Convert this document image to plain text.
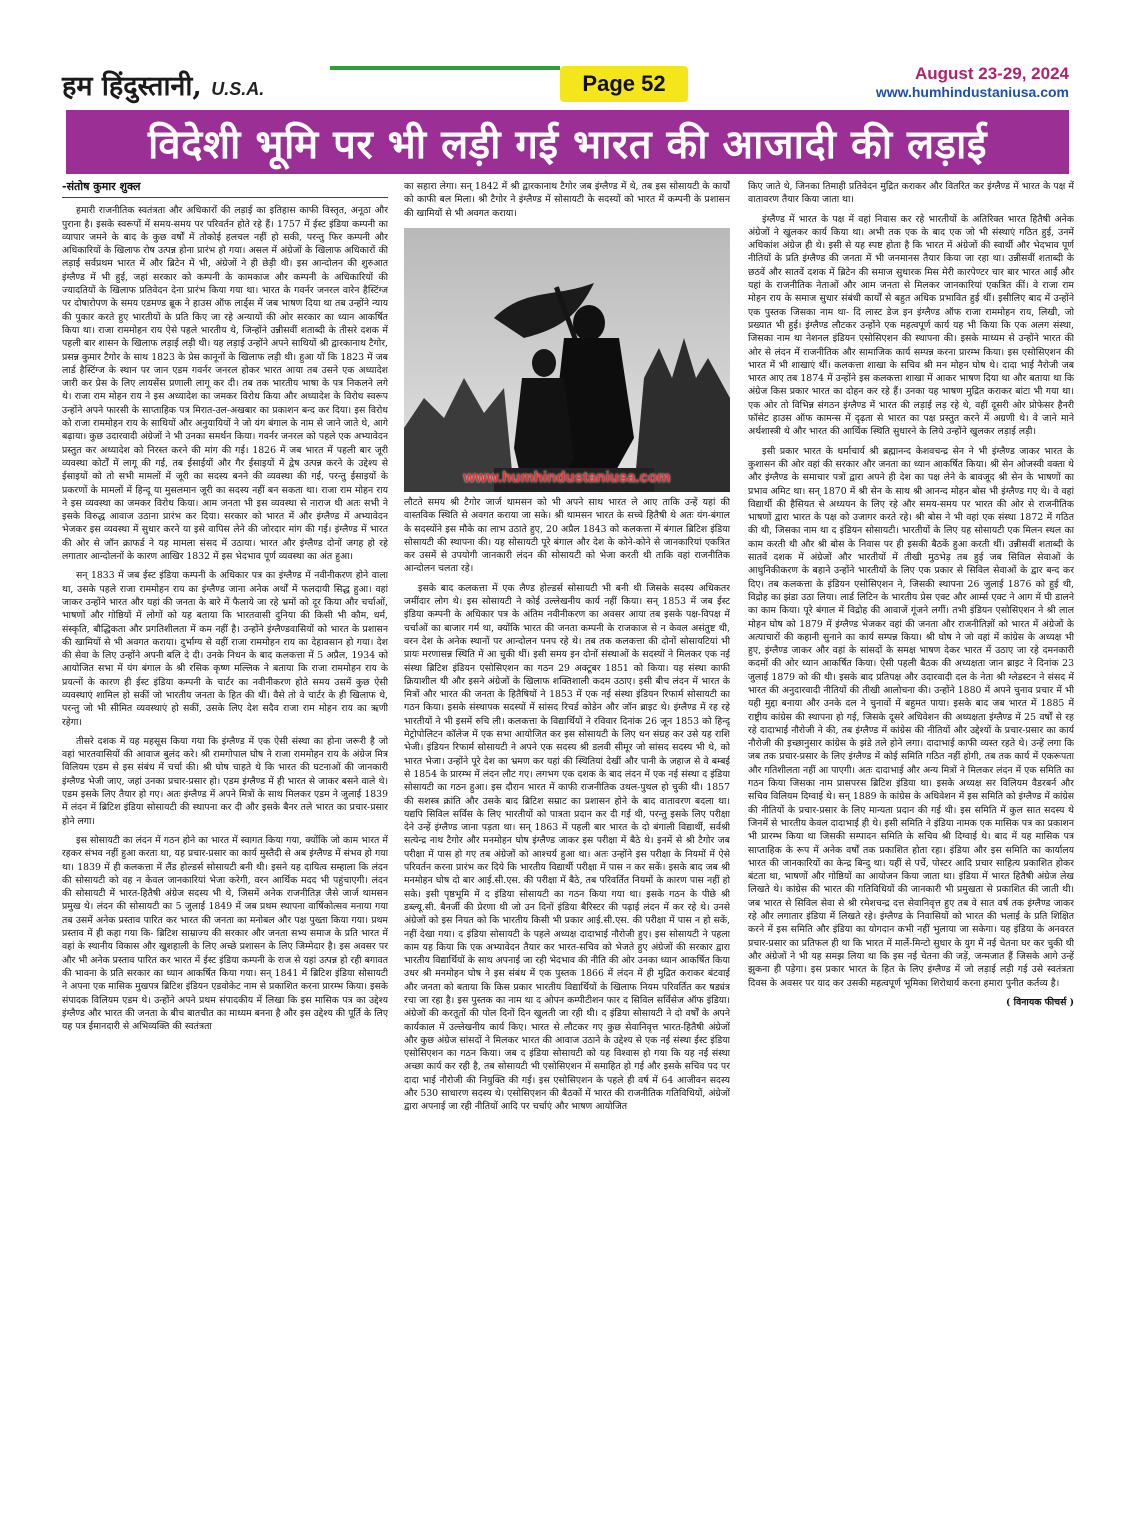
हम हिंदुस्तानी, U.S.A.	Page 52	August 23-29, 2024
www.humhindustaniusa.com
विदेशी भूमि पर भी लड़ी गई भारत की आजादी की लड़ाई

-संतोष कुमार शुक्ल

हमारी राजनीतिक स्वतंत्रता और अधिकारों की लड़ाई का इतिहास काफी विस्तृत, अनूठा और पुराना है। इसके स्वरूपों में समय-समय पर परिवर्तन होते रहे हैं। 1757 में ईस्ट इंडिया कम्पनी का व्यापार जमने के बाद के कुछ वर्षों में तोकोई हलचल नहीं हो सकी, परन्तु फिर कम्पनी और अधिकारियों के खिलाफ रोष उत्पन्न होना प्रारंभ हो गया। असल में अंग्रेजों के खिलाफ अधिकारों की लड़ाई सर्वप्रथम भारत में और ब्रिटेन में भी, अंग्रेजों ने ही छेड़ी थी। इस आन्दोलन की शुरुआत इंग्लैण्ड में भी हुई, जहां सरकार को कम्पनी के कामकाज और कम्पनी के अधिकारियों की ज्यादतियों के खिलाफ प्रतिवेदन देना प्रारंभ किया गया था। भारत के गवर्नर जनरल वारेन हैस्टिंग्ज पर दोषारोपण के समय एडमण्ड ब्रूक ने हाउस ऑफ लार्ड्स में जब भाषण दिया था तब उन्होंने न्याय की पुकार करते हुए भारतीयों के प्रति किए जा रहे अन्यायों की ओर सरकार का ध्यान आकर्षित किया था। राजा राममोहन राय ऐसे पहले भारतीय थे, जिन्होंने उन्नीसवीं शताब्दी के तीसरे दशक में पहली बार शासन के खिलाफ लड़ाई लड़ी थी। यह लड़ाई उन्होंने अपने साथियों श्री द्वारकानाथ टैगोर, प्रसन्न कुमार टैगोर के साथ 1823 के प्रेस कानूनों के खिलाफ लड़ी थी। हुआ यों कि 1823 में जब लार्ड हैस्टिंग्ज के स्थान पर जान एडम गवर्नर जनरल होकर भारत आया तब उसने एक अध्यादेश जारी कर प्रेस के लिए लायसेंस प्रणाली लागू कर दी। तब तक भारतीय भाषा के पत्र निकलने लगे थे। राजा राम मोहन राय ने इस अध्यादेश का जमकर विरोध किया और अध्यादेश के विरोध स्वरूप उन्होंने अपने फारसी के साप्ताहिक पत्र मिरात-उल-अखबार का प्रकाशन बन्द कर दिया। इस विरोध को राजा राममोहन राय के साथियों और अनुयायियों ने जो यंग बंगाल के नाम से जाने जाते थे, आगे बढ़ाया। कुछ उदारवादी अंग्रेजों ने भी उनका समर्थन किया। गवर्नर जनरल को पहले एक अभ्यावेदन प्रस्तुत कर अध्यादेश को निरस्त करने की मांग की गई। 1826 में जब भारत में पहली बार जूरी व्यवस्था कोर्टों में लागू की गई, तब ईसाईयों और गैर ईसाइयों में द्वेष उत्पन्न करने के उद्देश्य से ईसाइयों को तो सभी मामलों में जूरी का सदस्य बनने की व्यवस्था की गई, परन्तु ईसाइयों के प्रकरणों के मामलों में हिन्दू या मुसलमान जूरी का सदस्य नहीं बन सकता था। राजा राम मोहन राय ने इस व्यवस्था का जमकर विरोध किया। आम जनता भी इस व्यवस्था से नाराज थी अतः सभी ने इसके विरुद्ध आवाज उठाना प्रारंभ कर दिया। सरकार को भारत में और इंग्लैण्ड में अभ्यावेदन भेजकर इस व्यवस्था में सुधार करने या इसे वापिस लेने की जोरदार मांग की गई। इंग्लैण्ड में भारत की ओर से जॉन क्राफर्ड ने यह मामला संसद में उठाया। भारत और इंग्लैण्ड दोनों जगह हो रहे लगातार आन्दोलनों के कारण आखिर 1832 में इस भेदभाव पूर्ण व्यवस्था का अंत हुआ।

सन् 1833 में जब ईस्ट इंडिया कम्पनी के अधिकार पत्र का इंग्लैण्ड में नवीनीकरण होने वाला था, उसके पहले राजा राममोहन राय का इंग्लैण्ड जाना अनेक अर्थों में फलदायी सिद्ध हुआ। वहां जाकर उन्होंने भारत और यहां की जनता के बारे में फैलाये जा रहे भ्रमों को दूर किया और चर्चाओं, भाषणों और गोष्ठियों में लोगों को यह बताया कि भारतवासी दुनिया की किसी भी कौम, धर्म, संस्कृति, बौद्धिकता और प्रगतिशीलता में कम नहीं है। उन्होंने इंग्लैण्डवासियों को भारत के प्रशासन की खामियों से भी अवगत कराया। दुर्भाग्य से वहीं राजा राममोहन राय का देहावसान हो गया। देश की सेवा के लिए उन्होंने अपनी बलि दे दी। उनके निधन के बाद कलकत्ता में 5 अप्रैल, 1934 को आयोजित सभा में यंग बंगाल के श्री रसिक कृष्ण मल्लिक ने बताया कि राजा राममोहन राय के प्रयत्नों के कारण ही ईस्ट इंडिया कम्पनी के चार्टर का नवीनीकरण होते समय उसमें कुछ ऐसी व्यवस्थाएं शामिल हो सकीं जो भारतीय जनता के हित की थीं। वैसे तो वे चार्टर के ही खिलाफ थे, परन्तु जो भी सीमित व्यवस्थाएं हो सकीं, उसके लिए देश सदैव राजा राम मोहन राय का ऋणी रहेगा।

तीसरे दशक में यह महसूस किया गया कि इंग्लैण्ड में एक ऐसी संस्था का होना जरूरी है जो वहां भारतवासियों की आवाज बुलंद करे। श्री रामगोपाल घोष ने राजा राममोहन राय के अंग्रेज मित्र विलियम एडम से इस संबंध में चर्चा की। श्री घोष चाहते थे कि भारत की घटनाओं की जानकारी इंग्लैण्ड भेजी जाए, जहां उनका प्रचार-प्रसार हो। एडम इंग्लैण्ड में ही भारत से जाकर बसने वाले थे। एडम इसके लिए तैयार हो गए। अतः इंग्लैण्ड में अपने मित्रों के साथ मिलकर एडम ने जुलाई 1839 में लंदन में ब्रिटिश इंडिया सोसायटी की स्थापना कर दी और इसके बैनर तले भारत का प्रचार-प्रसार होने लगा।

इस सोसायटी का लंदन में गठन होने का भारत में स्वागत किया गया, क्योंकि जो काम भारत में रहकर संभव नहीं हुआ करता था, यह प्रचार-प्रसार का कार्य मुस्तैदी से अब इंग्लैण्ड में संभव हो गया था। 1839 में ही कलकत्ता में लैंड होल्डर्स सोसायटी बनी थी। इसने यह दायित्व सम्हाला कि लंदन की सोसायटी को वह न केवल जानकारियां भेजा करेगी, वरन आर्थिक मदद भी पहुंचाएगी। लंदन की सोसायटी में भारत-हितैषी अंग्रेज सदस्य भी थे, जिसमें अनेक राजनीतिज्ञ जैसे जार्ज थामसन प्रमुख थे। लंदन की सोसायटी का 5 जुलाई 1849 में जब प्रथम स्थापना वार्षिकोत्सव मनाया गया तब उसमें अनेक प्रस्ताव पारित कर भारत की जनता का मनोबल और पक्ष पुख्ता किया गया। प्रथम प्रस्ताव में ही कहा गया कि- ब्रिटिश साम्राज्य की सरकार और जनता सभ्य समाज के प्रति भारत में वहां के स्थानीय विकास और खुशहाली के लिए अच्छे प्रशासन के लिए जिम्मेदार है। इस अवसर पर और भी अनेक प्रस्ताव पारित कर भारत में ईस्ट इंडिया कम्पनी के राज से यहां उत्पन्न हो रही बगावत की भावना के प्रति सरकार का ध्यान आकर्षित किया गया। सन् 1841 में ब्रिटिश इंडिया सोसायटी ने अपना एक मासिक मुखपत्र ब्रिटिश इंडियन एडवोकेट नाम से प्रकाशित करना प्रारम्भ किया। इसके संपादक विलियम एडम थे। उन्होंने अपने प्रथम संपादकीय में लिखा कि इस मासिक पत्र का उद्देश्य इंग्लैण्ड और भारत की जनता के बीच बातचीत का माध्यम बनना है और इस उद्देश्य की पूर्ति के लिए यह पत्र ईमानदारी से अभिव्यक्ति की स्वतंत्रता

का सहारा लेगा। सन् 1842 में श्री द्वारकानाथ टैगोर जब इंग्लैण्ड में थे, तब इस सोसायटी के कार्यों को काफी बल मिला। श्री टैगोर ने इंग्लैण्ड में सोसायटी के सदस्यों को भारत में कम्पनी के प्रशासन की खामियों से भी अवगत कराया।

लौटते समय श्री टैगोर जार्ज थामसन को भी अपने साथ भारत ले आए ताकि उन्हें यहां की वास्तविक स्थिति से अवगत कराया जा सके। श्री थामसन भारत के सच्चे हितैषी थे अतः यंग-बंगाल के सदस्योंने इस मौके का लाभ उठाते हुए, 20 अप्रैल 1843 को कलकत्ता में बंगाल ब्रिटिश इंडिया सोसायटी की स्थापना की। यह सोसायटी पूरे बंगाल और देश के कोने-कोने से जानकारियां एकत्रित कर उसमें से उपयोगी जानकारी लंदन की सोसायटी को भेजा करती थी ताकि वहां राजनीतिक आन्दोलन चलता रहे।

इसके बाद कलकत्ता में एक लैण्ड होल्डर्स सोसायटी भी बनी थी जिसके सदस्य अधिकतर जमींदार लोग थे। इस सोसायटी ने कोई उल्लेखनीय कार्य नहीं किया। सन् 1853 में जब ईस्ट इंडिया कम्पनी के अधिकार पत्र के अंतिम नवीनीकरण का अवसर आया तब इसके पक्ष-विपक्ष में चर्चाओं का बाजार गर्म था, क्योंकि भारत की जनता कम्पनी के राजकाज से न केवल असंतुष्ट थी, वरन देश के अनेक स्थानों पर आन्दोलन पनप रहे थे। तब तक कलकत्ता की दोनों सोसायटियां भी प्रायः मरणासन्न स्थिति में आ चुकी थीं। इसी समय इन दोनों संस्थाओं के सदस्यों ने मिलकर एक नई संस्था ब्रिटिश इंडियन एसोसिएशन का गठन 29 अक्टूबर 1851 को किया। यह संस्था काफी क्रियाशील थी और इसने अंग्रेजों के खिलाफ शक्तिशाली कदम उठाए। इसी बीच लंदन में भारत के मित्रों और भारत की जनता के हितैषियों ने 1853 में एक नई संस्था इंडियन रिफार्म सोसायटी का गठन किया। इसके संस्थापक सदस्यों में सांसद रिचर्ड कोडेन और जॉन ब्राइट थे। इंग्लैण्ड में रह रहे भारतीयों ने भी इसमें रुचि ली। कलकत्ता के विद्यार्थियों ने रविवार दिनांक 26 जून 1853 को हिन्दू मेट्रोपोलिटन कॉलेज में एक सभा आयोजित कर इस सोसायटी के लिए धन संग्रह कर उसे यह राशि भेजी। इंडियन रिफार्म सोसायटी ने अपने एक सदस्य श्री डलवी सीमूर जो सांसद सदस्य भी थे, को भारत भेजा। उन्होंने पूरे देश का भ्रमण कर यहां की स्थितियां देखीं और पानी के जहाज से वे बम्बई से 1854 के प्रारम्भ में लंदन लौट गए। लगभग एक दशक के बाद लंदन में एक नई संस्था द इंडिया सोसायटी का गठन हुआ। इस दौरान भारत में काफी राजनीतिक उथल-पुथल हो चुकी थी। 1857 की सशस्त्र क्रांति और उसके बाद ब्रिटिश सम्राट का प्रशासन होने के बाद वातावरण बदला था। यद्यपि सिविल सर्विस के लिए भारतीयों को पात्रता प्रदान कर दी गई थी, परन्तु इसके लिए परीक्षा देने उन्हें इंग्लैण्ड जाना पड़ता था। सन् 1863 में पहली बार भारत के दो बंगाली विद्यार्थी, सर्वश्री सत्येन्द्र नाथ टैगोर और मनमोहन घोष इंग्लैण्ड जाकर इस परीक्षा में बैठे थे। इनमें से श्री टैगोर जब परीक्षा में पास हो गए तब अंग्रेजों को आश्चर्य हुआ था। अतः उन्होंने इस परीक्षा के नियमों में ऐसे परिवर्तन करना प्रारंभ कर दिये कि भारतीय विद्यार्थी परीक्षा में पास न कर सकें। इसके बाद जब श्री मनमोहन घोष दो बार आई.सी.एस. की परीक्षा में बैठे, तब परिवर्तित नियमों के कारण पास नहीं हो सके। इसी पृष्ठभूमि में द इंडिया सोसायटी का गठन किया गया था। इसके गठन के पीछे श्री डब्ल्यू.सी. बैनर्जी की प्रेरणा थी जो उन दिनों इंडिया बैरिस्टर की पढ़ाई लंदन में कर रहे थे। उनसे अंग्रेजों को इस नियत को कि भारतीय किसी भी प्रकार आई.सी.एस. की परीक्षा में पास न हो सकें, नहीं देखा गया। द इंडिया सोसायटी के पहले अध्यक्ष दादाभाई नौरोजी हुए। इस सोसायटी ने पहला काम यह किया कि एक अभ्यावेदन तैयार कर भारत-सचिव को भेजते हुए अंग्रेजों की सरकार द्वारा भारतीय विद्यार्थियों के साथ अपनाई जा रही भेदभाव की नीति की ओर उनका ध्यान आकर्षित किया उधर श्री मनमोहन घोष ने इस संबंध में एक पुस्तक 1866 में लंदन में ही मुद्रित कराकर बंटवाई और जनता को बताया कि किस प्रकार भारतीय विद्यार्थियों के खिलाफ नियम परिवर्तित कर षड्यंत्र रचा जा रहा है। इस पुस्तक का नाम था द ओपन कम्पीटीशन फार द सिविल सर्विसेज ऑफ इंडिया। अंग्रेजों की करतूतों की पोल दिनों दिन खुलती जा रही थी। द इंडिया सोसायटी ने दो वर्षों के अपने कार्यकाल में उल्लेखनीय कार्य किए। भारत से लौटकर गए कुछ सेवानिवृत्त भारत-हितैषी अंग्रेजों और कुछ अंग्रेज सांसदों ने मिलकर भारत की आवाज उठाने के उद्देश्य से एक नई संस्था ईस्ट इंडिया एसोसिएशन का गठन किया। जब द इंडिया सोसायटी को यह विश्वास हो गया कि यह नई संस्था अच्छा कार्य कर रही है, तब सोसायटी भी एसोसिएशन में समाहित हो गई और इसके सचिव पद पर दादा भाई नौरोजी की नियुक्ति की गई। इस एसोसिएशन के पहले ही वर्ष में 64 आजीवन सदस्य और 530 साधारण सदस्य थे। एसोसिएशन की बैठकों में भारत की राजनीतिक गतिविधियों, अंग्रेजों द्वारा अपनाई जा रही नीतियों आदि पर चर्चाएं और भाषण आयोजित

www.humhindustaniusa.com

किए जाते थे, जिनका तिमाही प्रतिवेदन मुद्रित कराकर और वितरित कर इंग्लैण्ड में भारत के पक्ष में वातावरण तैयार किया जाता था।

इंग्लैण्ड में भारत के पक्ष में वहां निवास कर रहे भारतीयों के अतिरिक्त भारत हितैषी अनेक अंग्रेजों ने खुलकर कार्य किया था। अभी तक एक के बाद एक जो भी संस्थाएं गठित हुई, उनमें अधिकांश अंग्रेज ही थे। इसी से यह स्पष्ट होता है कि भारत में अंग्रेजों की स्वार्थी और भेदभाव पूर्ण नीतियों के प्रति इंग्लैण्ड की जनता में भी जनमानस तैयार किया जा रहा था। उन्नीसवीं शताब्दी के छठवें और सातवें दशक में ब्रिटेन की समाज सुधारक मिस मेरी कारपेण्टर चार बार भारत आईं और यहां के राजनीतिक नेताओं और आम जनता से मिलकर जानकारियां एकत्रित कीं। वे राजा राम मोहन राय के समाज सुधार संबंधी कार्यों से बहुत अधिक प्रभावित हुई थीं। इसीलिए बाद में उन्होंने एक पुस्तक जिसका नाम था- दि लास्ट डेज इन इंग्लैण्ड ऑफ राजा राममोहन राय, लिखी, जो प्रख्यात भी हुई। इंग्लैण्ड लौटकर उन्होंने एक महत्वपूर्ण कार्य यह भी किया कि एक अलग संस्था, जिसका नाम था नेशनल इंडियन एसोसिएशन की स्थापना की। इसके माध्यम से उन्होंने भारत की ओर से लंदन में राजनीतिक और सामाजिक कार्य सम्पन्न करना प्रारम्भ किया। इस एसोसिएशन की भारत में भी शाखाएं थीं। कलकत्ता शाखा के सचिव श्री मन मोहन घोष थे। दादा भाई नैरोजी जब भारत आए तब 1874 में उन्होंने इस कलकत्ता शाखा में आकर भाषण दिया था और बताया था कि अंग्रेज किस प्रकार भारत का दोहन कर रहे हैं। उनका यह भाषण मुद्रित कराकर बांटा भी गया था। एक ओर तो विभिन्न संगठन इंग्लैण्ड में भारत की लड़ाई लड़ रहे थे, वहीं दूसरी ओर प्रोफेसर हैनरी फॉसेट हाउस ऑफ कामन्स में दृढ़ता से भारत का पक्ष प्रस्तुत करने में अग्रणी थे। वे जाने माने अर्थशास्त्री थे और भारत की आर्थिक स्थिति सुधारने के लिये उन्होंने खुलकर लड़ाई लड़ी।

इसी प्रकार भारत के धर्माचार्य श्री ब्रह्मानन्द केशवचन्द्र सेन ने भी इंग्लैण्ड जाकर भारत के कुशासन की ओर वहां की सरकार और जनता का ध्यान आकर्षित किया। श्री सेन ओजस्वी वक्ता थे और इंग्लैण्ड के समाचार पत्रों द्वारा अपने ही देश का पक्ष लेने के बावजूद श्री सेन के भाषणों का प्रभाव अमिट था। सन् 1870 में श्री सेन के साथ श्री आनन्द मोहन बोस भी इंग्लैण्ड गए थे। वे वहां विद्यार्थी की हैसियत से अध्ययन के लिए रहे और समय-समय पर भारत की ओर से राजनीतिक भाषणों द्वारा भारत के पक्ष को उजागर करते रहे। श्री बोस ने भी वहां एक संस्था 1872 में गठित की थी, जिसका नाम था द इंडियन सोसायटी। भारतीयों के लिए यह सोसायटी एक मिलन स्थल का काम करती थी और श्री बोस के निवास पर ही इसकी बैठकें हुआ करती थीं। उन्नीसवीं शताब्दी के सातवें दशक में अंग्रेजों और भारतीयों में तीखी मुठभेड़ तब हुई जब सिविल सेवाओं के आधुनिकीकरण के बहाने उन्होंने भारतीयों के लिए एक प्रकार से सिविल सेवाओं के द्वार बन्द कर दिए। तब कलकत्ता के इंडियन एसोसिएशन ने, जिसकी स्थापना 26 जुलाई 1876 को हुई थी, विद्रोह का झंडा उठा लिया। लार्ड लिटिन के भारतीय प्रेस एक्ट और आर्म्स एक्ट ने आग में घी डालने का काम किया। पूरे बंगाल में विद्रोह की आवाजें गूंजने लगीं। तभी इंडियन एसोसिएशन ने श्री लाल मोहन घोष को 1879 में इंग्लैण्ड भेजकर वहां की जनता और राजनीतिज्ञों को भारत में अंग्रेजों के अत्याचारों की कहानी सुनाने का कार्य सम्पन्न किया। श्री घोष ने जो वहां में कांग्रेस के अध्यक्ष भी हुए, इंग्लैण्ड जाकर और वहां के सांसदों के समक्ष भाषण देकर भारत में उठाए जा रहे दमनकारी कदमों की ओर ध्यान आकर्षित किया। ऐसी पहली बैठक की अध्यक्षता जान ब्राइट ने दिनांक 23 जुलाई 1879 को की थी। इसके बाद प्रतिपक्ष और उदारवादी दल के नेता श्री ग्लेडस्टन ने संसद में भारत की अनुदारवादी नीतियों की तीखी आलोचना की। उन्होंने 1880 में अपने चुनाव प्रचार में भी यही मुद्दा बनाया और उनके दल ने चुनावों में बहुमत पाया। इसके बाद जब भारत में 1885 में राष्ट्रीय कांग्रेस की स्थापना हो गई, जिसके दूसरे अधिवेशन की अध्यक्षता इंग्लैण्ड में 25 वर्षों से रह रहे दादाभाई नौरोजी ने की, तब इंग्लैण्ड में कांग्रेस की नीतियों और उद्देश्यों के प्रचार-प्रसार का कार्य नौरोजी की इच्छानुसार कांग्रेस के झंडे तले होने लगा। दादाभाई काफी व्यस्त रहते थे। उन्हें लगा कि जब तक प्रचार-प्रसार के लिए इंग्लैण्ड में कोई समिति गठित नहीं होगी, तब तक कार्य में एकरूपता और गतिशीलता नहीं आ पाएगी। अतः दादाभाई और अन्य मित्रों ने मिलकर लंदन में एक समिति का गठन किया जिसका नाम प्रासपरस ब्रिटिश इंडिया था। इसके अध्यक्ष सर विलियम वैडरबर्न और सचिव विलियम दिग्वाई थे। सन् 1889 के कांग्रेस के अधिवेशन में इस समिति को इंग्लैण्ड में कांग्रेस की नीतियों के प्रचार-प्रसार के लिए मान्यता प्रदान की गई थी। इस समिति में कुल सात सदस्य थे जिनमें से भारतीय केवल दादाभाई ही थे। इसी समिति ने इंडिया नामक एक मासिक पत्र का प्रकाशन भी प्रारम्भ किया था जिसकी सम्पादन समिति के सचिव श्री दिग्वाई थे। बाद में यह मासिक पत्र साप्ताहिक के रूप में अनेक वर्षों तक प्रकाशित होता रहा। इंडिया और इस समिति का कार्यालय भारत की जानकारियों का केन्द्र बिन्दु था। यहीं से पर्चे, पोस्टर आदि प्रचार साहित्य प्रकाशित होकर बंटता था, भाषणों और गोष्ठियों का आयोजन किया जाता था। इंडिया में भारत हितैषी अंग्रेज लेख लिखते थे। कांग्रेस की भारत की गतिविधियों की जानकारी भी प्रमुखता से प्रकाशित की जाती थी। जब भारत से सिविल सेवा से श्री रमेशचन्द्र दत्त सेवानिवृत्त हुए तब वे सात वर्ष तक इंग्लैण्ड जाकर रहे और लगातार इंडिया में लिखते रहे। इंग्लैण्ड के निवासियों को भारत की भलाई के प्रति शिक्षित करने में इस समिति और इंडिया का योगदान कभी नहीं भुलाया जा सकेगा। यह इंडिया के अनवरत प्रचार-प्रसार का प्रतिफल ही था कि भारत में मार्ले-मिन्टो सुधार के युग में नई चेतना घर कर चुकी थी और अंग्रेजों ने भी यह समझ लिया था कि इस नई चेतना की जड़ें, जन्मजात हैं जिसके आगे उन्हें झुकना ही पड़ेगा। इस प्रकार भारत के हित के लिए इंग्लैण्ड में जो लड़ाई लड़ी गई उसे स्वतंत्रता दिवस के अवसर पर याद कर उसकी महत्वपूर्ण भूमिका शिरोधार्य करना हमारा पुनीत कर्तव्य है।

( विनायक फीचर्स )
